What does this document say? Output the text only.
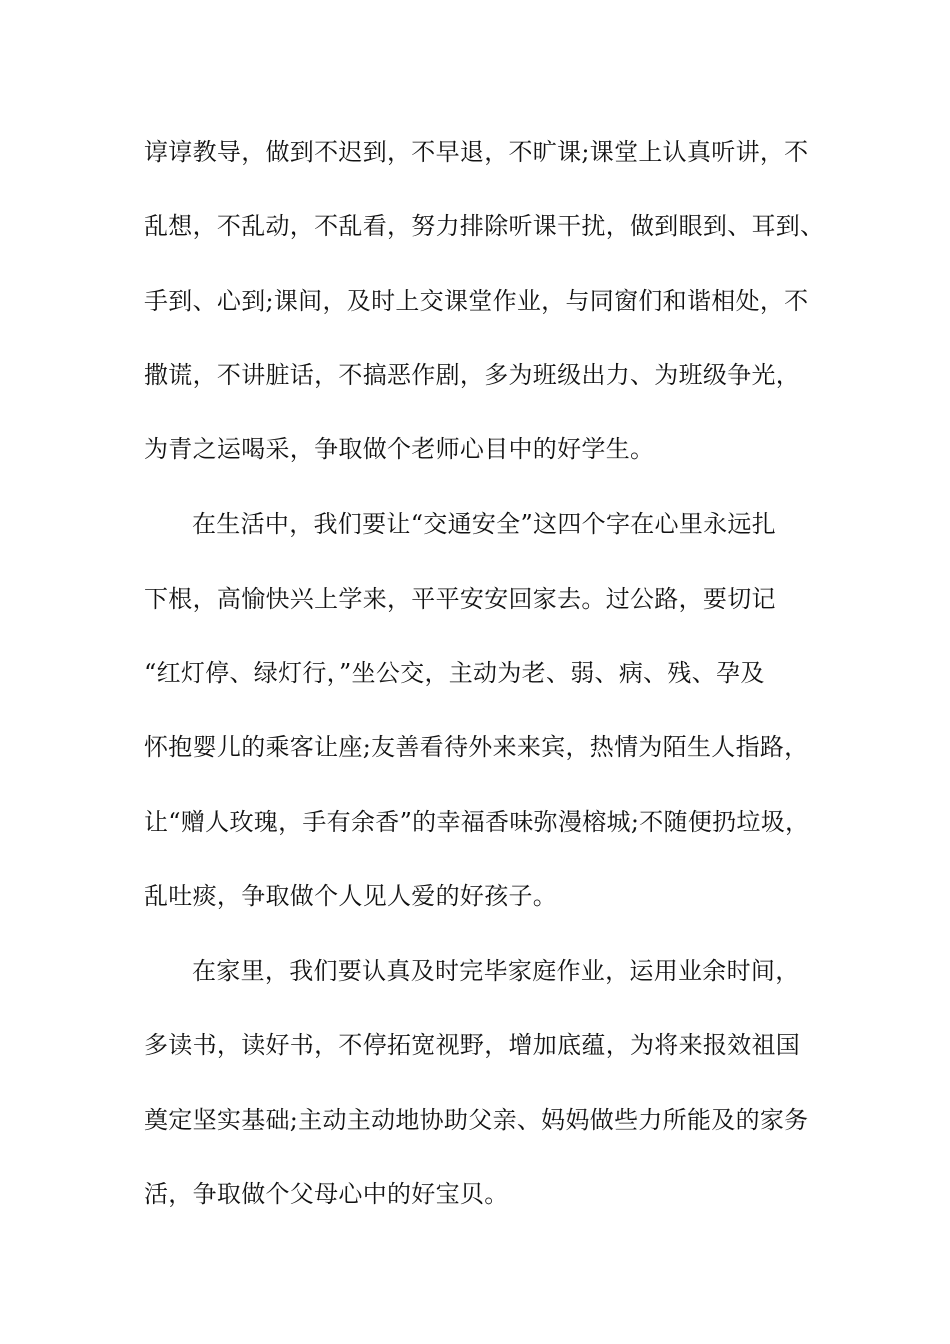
谆谆教导，做到不迟到，不早退，不旷课;课堂上认真听讲，不
乱想，不乱动，不乱看，努力排除听课干扰，做到眼到、耳到、
手到、心到;课间，及时上交课堂作业，与同窗们和谐相处，不
撒谎，不讲脏话，不搞恶作剧，多为班级出力、为班级争光，
为青之运喝采，争取做个老师心目中的好学生。
在生活中，我们要让“交通安全”这四个字在心里永远扎
下根，高愉快兴上学来，平平安安回家去。过公路，要切记
“红灯停、绿灯行，”坐公交，主动为老、弱、病、残、孕及
怀抱婴儿的乘客让座;友善看待外来来宾，热情为陌生人指路，
让“赠人玫瑰，手有余香”的幸福香味弥漫榕城;不随便扔垃圾，
乱吐痰，争取做个人见人爱的好孩子。
在家里，我们要认真及时完毕家庭作业，运用业余时间，
多读书，读好书，不停拓宽视野，增加底蕴，为将来报效祖国
奠定坚实基础;主动主动地协助父亲、妈妈做些力所能及的家务
活，争取做个父母心中的好宝贝。
